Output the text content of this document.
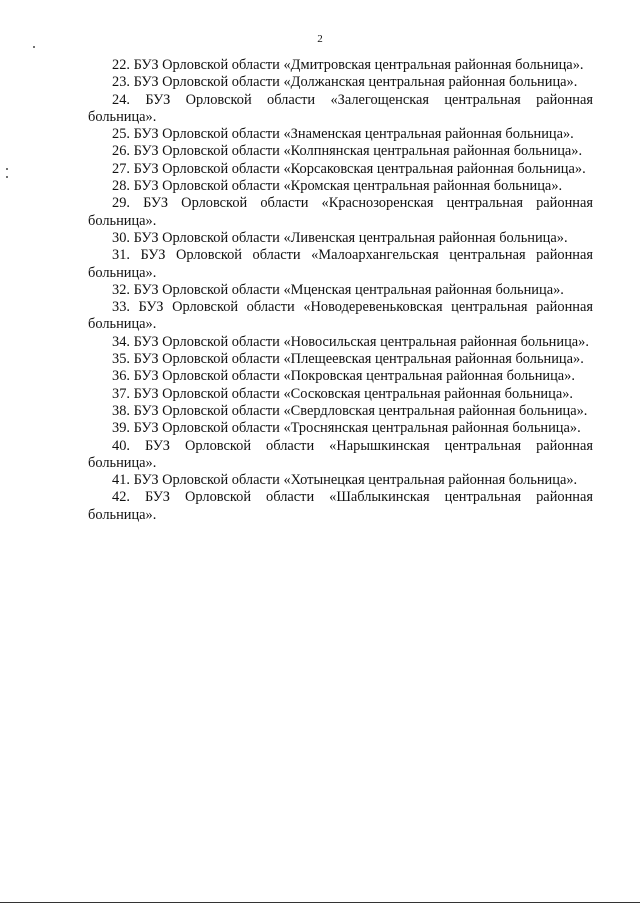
2

22. БУЗ Орловской области «Дмитровская центральная районная больница».

23. БУЗ Орловской области «Должанская центральная районная больница».

24. БУЗ Орловской области «Залегощенская центральная районная больница».

25. БУЗ Орловской области «Знаменская центральная районная больница».

26. БУЗ Орловской области «Колпнянская центральная районная больница».

27. БУЗ Орловской области «Корсаковская центральная районная больница».

28. БУЗ Орловской области «Кромская центральная районная больница».

29. БУЗ Орловской области «Краснозоренская центральная районная больница».

30. БУЗ Орловской области «Ливенская центральная районная больница».

31. БУЗ Орловской области «Малоархангельская центральная районная больница».

32. БУЗ Орловской области «Мценская центральная районная больница».

33. БУЗ Орловской области «Новодеревеньковская центральная районная больница».

34. БУЗ Орловской области «Новосильская центральная районная больница».

35. БУЗ Орловской области «Плещеевская центральная районная больница».

36. БУЗ Орловской области «Покровская центральная районная больница».

37. БУЗ Орловской области «Сосковская центральная районная больница».

38. БУЗ Орловской области «Свердловская центральная районная больница».

39. БУЗ Орловской области «Троснянская центральная районная больница».

40. БУЗ Орловской области «Нарышкинская центральная районная больница».

41. БУЗ Орловской области «Хотынецкая центральная районная больница».

42. БУЗ Орловской области «Шаблыкинская центральная районная больница».
